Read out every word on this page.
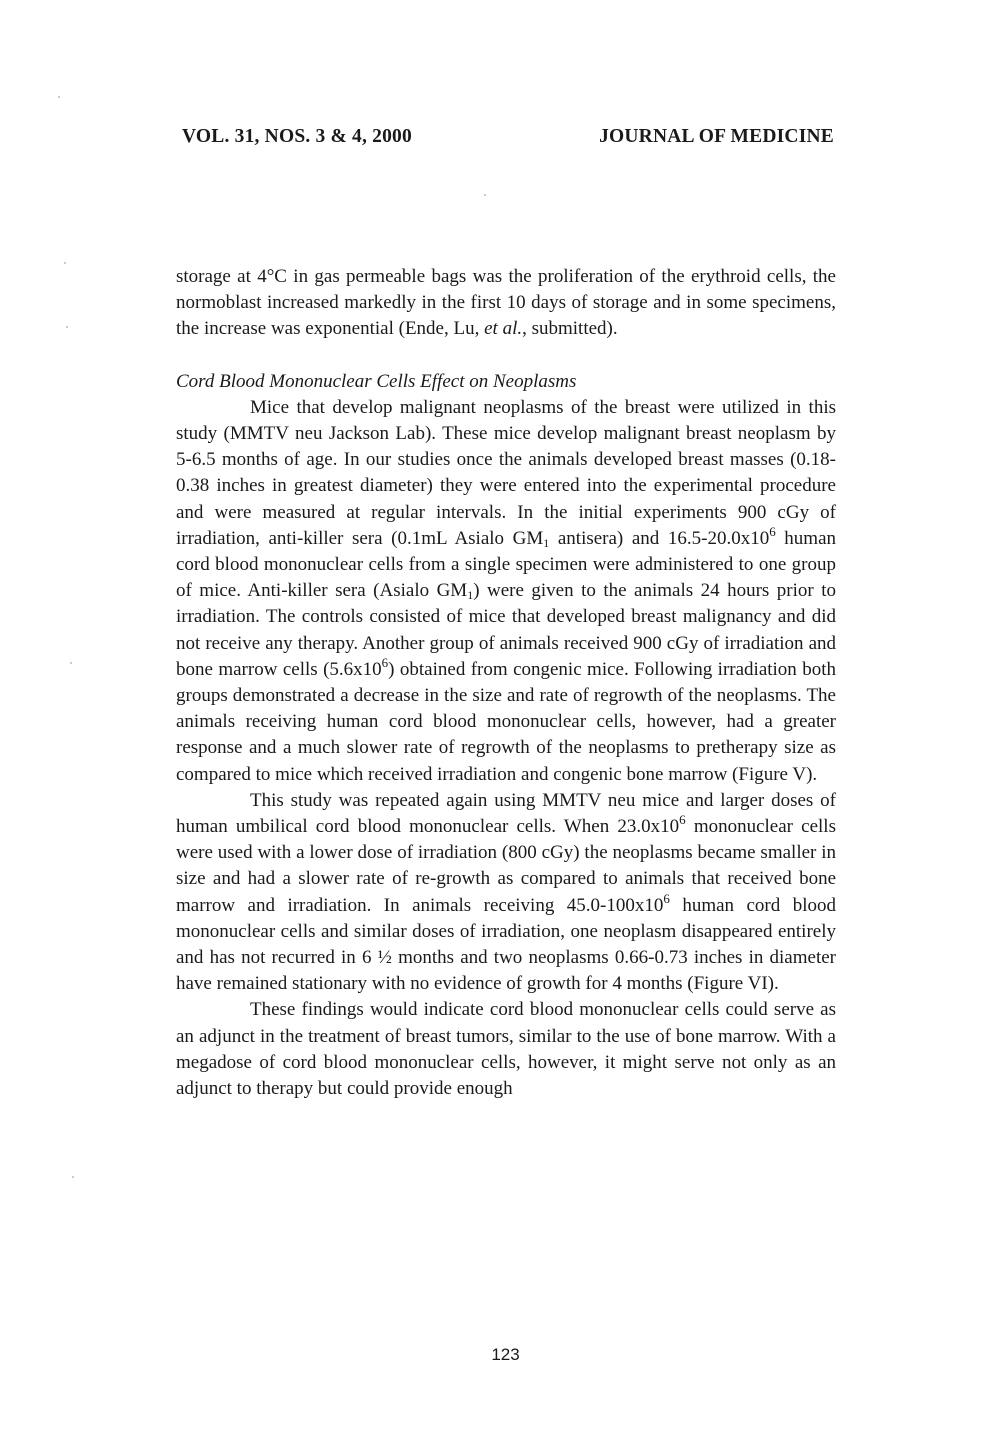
VOL. 31, NOS. 3 & 4, 2000	JOURNAL OF MEDICINE

storage at 4°C in gas permeable bags was the proliferation of the erythroid cells, the normoblast increased markedly in the first 10 days of storage and in some specimens, the increase was exponential (Ende, Lu, et al., submitted).

Cord Blood Mononuclear Cells Effect on Neoplasms

Mice that develop malignant neoplasms of the breast were utilized in this study (MMTV neu Jackson Lab). These mice develop malignant breast neoplasm by 5-6.5 months of age. In our studies once the animals developed breast masses (0.18-0.38 inches in greatest diameter) they were entered into the experimental procedure and were measured at regular intervals. In the initial experiments 900 cGy of irradiation, anti-killer sera (0.1mL Asialo $GM_1$ antisera) and $16.5-20.0x10^6$ human cord blood mononuclear cells from a single specimen were administered to one group of mice. Anti-killer sera (Asialo $GM_1$) were given to the animals 24 hours prior to irradiation. The controls consisted of mice that developed breast malignancy and did not receive any therapy. Another group of animals received 900 cGy of irradiation and bone marrow cells $(5.6x10^6)$ obtained from congenic mice. Following irradiation both groups demonstrated a decrease in the size and rate of regrowth of the neoplasms. The animals receiving human cord blood mononuclear cells, however, had a greater response and a much slower rate of regrowth of the neoplasms to pretherapy size as compared to mice which received irradiation and congenic bone marrow (Figure V).

This study was repeated again using MMTV neu mice and larger doses of human umbilical cord blood mononuclear cells. When $23.0x10^6$ mononuclear cells were used with a lower dose of irradiation (800 cGy) the neoplasms became smaller in size and had a slower rate of re-growth as compared to animals that received bone marrow and irradiation. In animals receiving $45.0-100x10^6$ human cord blood mononuclear cells and similar doses of irradiation, one neoplasm disappeared entirely and has not recurred in 6 ½ months and two neoplasms 0.66-0.73 inches in diameter have remained stationary with no evidence of growth for 4 months (Figure VI).

These findings would indicate cord blood mononuclear cells could serve as an adjunct in the treatment of breast tumors, similar to the use of bone marrow. With a megadose of cord blood mononuclear cells, however, it might serve not only as an adjunct to therapy but could provide enough

123
